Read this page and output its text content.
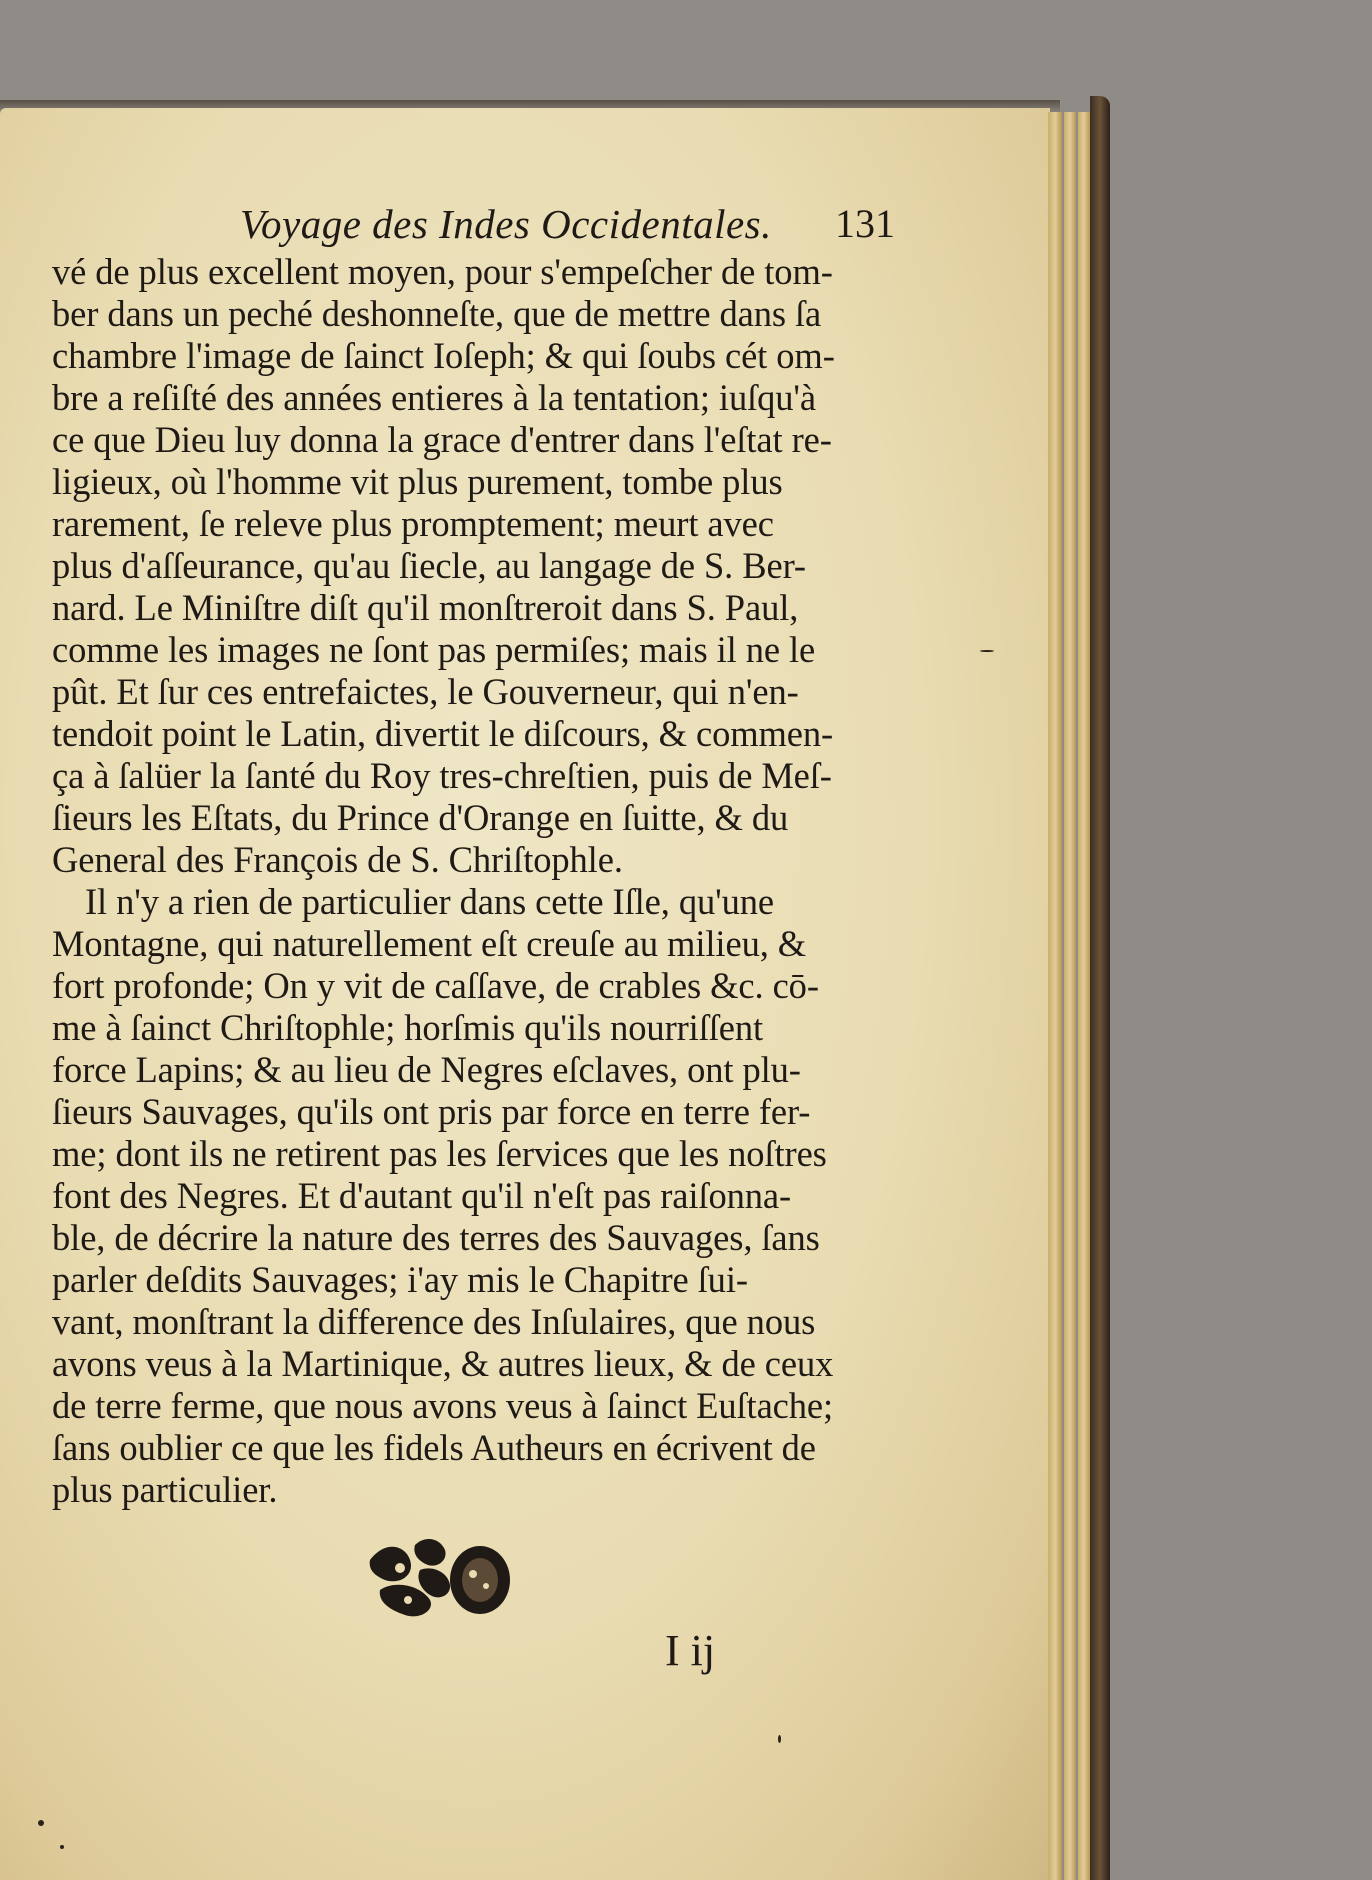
Voyage des Indes Occidentales. 131
vé de plus excellent moyen, pour s'empeſcher de tom-
ber dans un peché deshonneſte, que de mettre dans ſa
chambre l'image de ſainct Ioſeph; & qui ſoubs cét om-
bre a reſiſté des années entieres à la tentation; iuſqu'à
ce que Dieu luy donna la grace d'entrer dans l'eſtat re-
ligieux, où l'homme vit plus purement, tombe plus
rarement, ſe releve plus promptement; meurt avec
plus d'aſſeurance, qu'au ſiecle, au langage de S. Ber-
nard. Le Miniſtre diſt qu'il monſtreroit dans S. Paul,
comme les images ne ſont pas permiſes; mais il ne le
pût. Et ſur ces entrefaictes, le Gouverneur, qui n'en-
tendoit point le Latin, divertit le diſcours, & commen-
ça à ſalüer la ſanté du Roy tres-chreſtien, puis de Meſ-
ſieurs les Eſtats, du Prince d'Orange en ſuitte, & du
General des François de S. Chriſtophle.
Il n'y a rien de particulier dans cette Iſle, qu'une
Montagne, qui naturellement eſt creuſe au milieu, &
fort profonde; On y vit de caſſave, de crables &c. cō-
me à ſainct Chriſtophle; horſmis qu'ils nourriſſent
force Lapins; & au lieu de Negres eſclaves, ont plu-
ſieurs Sauvages, qu'ils ont pris par force en terre fer-
me; dont ils ne retirent pas les ſervices que les noſtres
font des Negres. Et d'autant qu'il n'eſt pas raiſonna-
ble, de décrire la nature des terres des Sauvages, ſans
parler deſdits Sauvages; i'ay mis le Chapitre ſui-
vant, monſtrant la difference des Inſulaires, que nous
avons veus à la Martinique, & autres lieux, & de ceux
de terre ferme, que nous avons veus à ſainct Euſtache;
ſans oublier ce que les fidels Autheurs en écrivent de
plus particulier.
I ij
